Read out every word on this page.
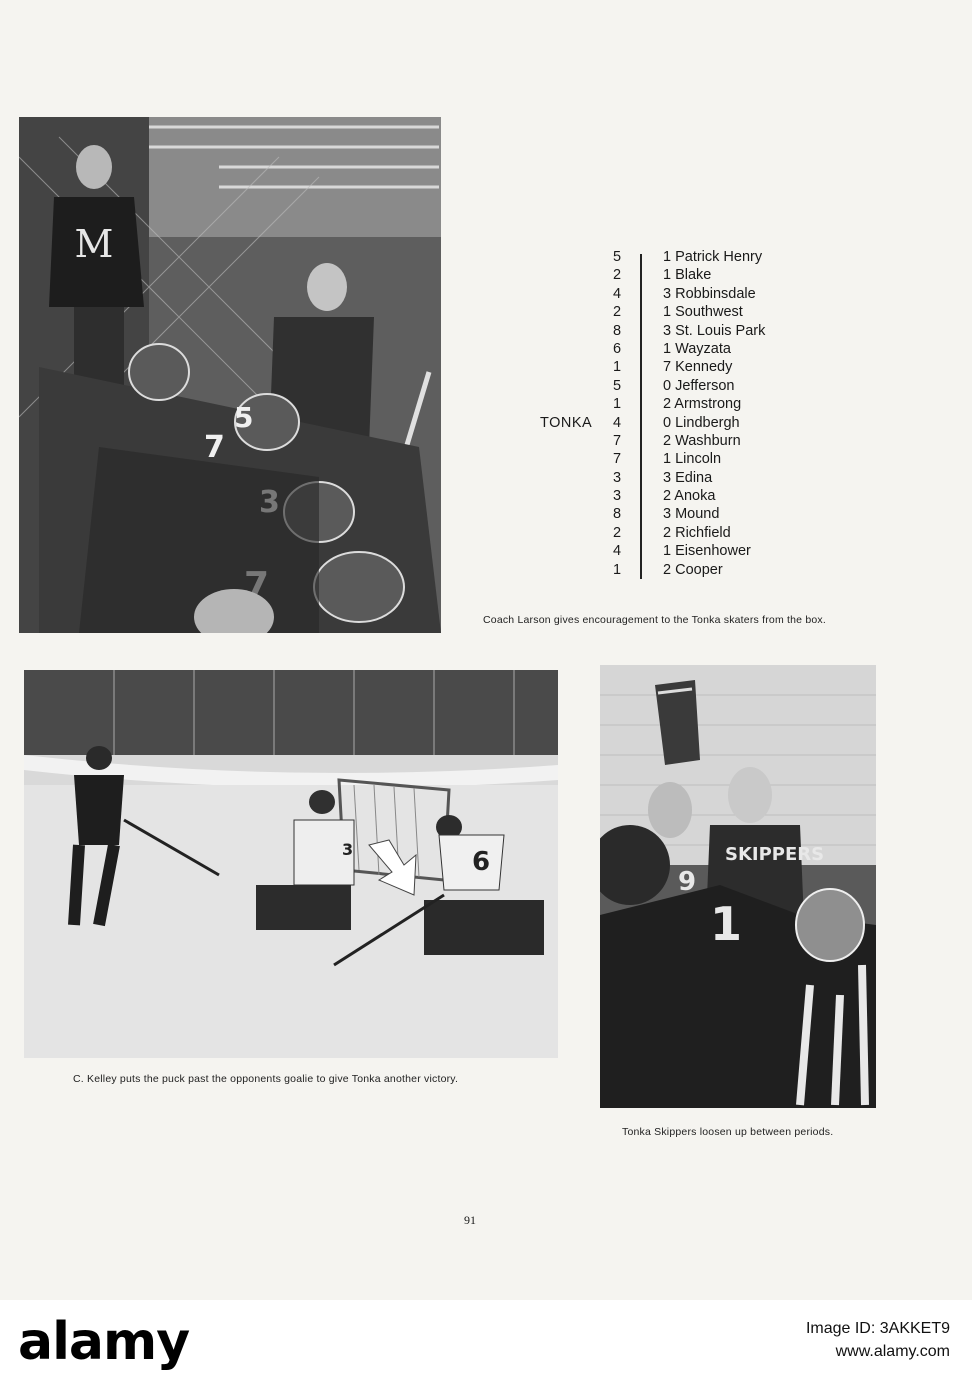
M
5
7
5	1 Patrick Henry
2	1 Blake
4	3 Robbinsdale
2	1 Southwest
8	3 St. Louis Park
6	1 Wayzata
1	7 Kennedy
5	0 Jefferson
1	2 Armstrong
TONKA	4	0 Lindbergh
7	2 Washburn
7	1 Lincoln
3	3 Edina
3	2 Anoka
8	3 Mound
2	2 Richfield
4	1 Eisenhower
1	2 Cooper
Coach Larson gives encouragement to the Tonka skaters from the box.
3	6
C. Kelley puts the puck past the opponents goalie to give Tonka another victory.
SKIPPERS
9
1
Tonka Skippers loosen up between periods.
91
alamy	Image ID: 3AKKET9
www.alamy.com
